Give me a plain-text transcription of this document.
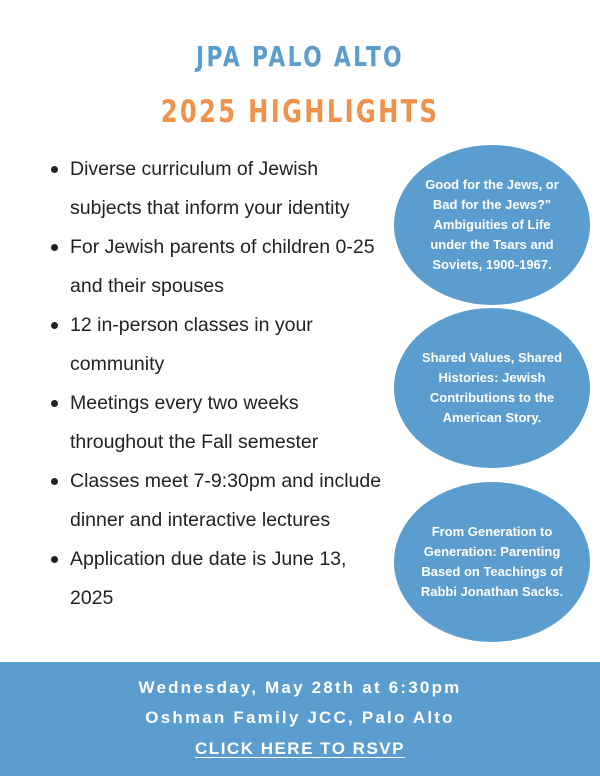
JPA PALO ALTO
2025 HIGHLIGHTS
Diverse curriculum of Jewish subjects that inform your identity
For Jewish parents of children 0-25 and their spouses
12 in-person classes in your community
Meetings every two weeks throughout the Fall semester
Classes meet 7-9:30pm and include dinner and interactive lectures
Application due date is June 13, 2025
Good for the Jews, or Bad for the Jews?" Ambiguities of Life under the Tsars and Soviets, 1900-1967.
Shared Values, Shared Histories: Jewish Contributions to the American Story.
From Generation to Generation: Parenting Based on Teachings of Rabbi Jonathan Sacks.
Wednesday, May 28th at 6:30pm
Oshman Family JCC, Palo Alto
CLICK HERE TO RSVP
